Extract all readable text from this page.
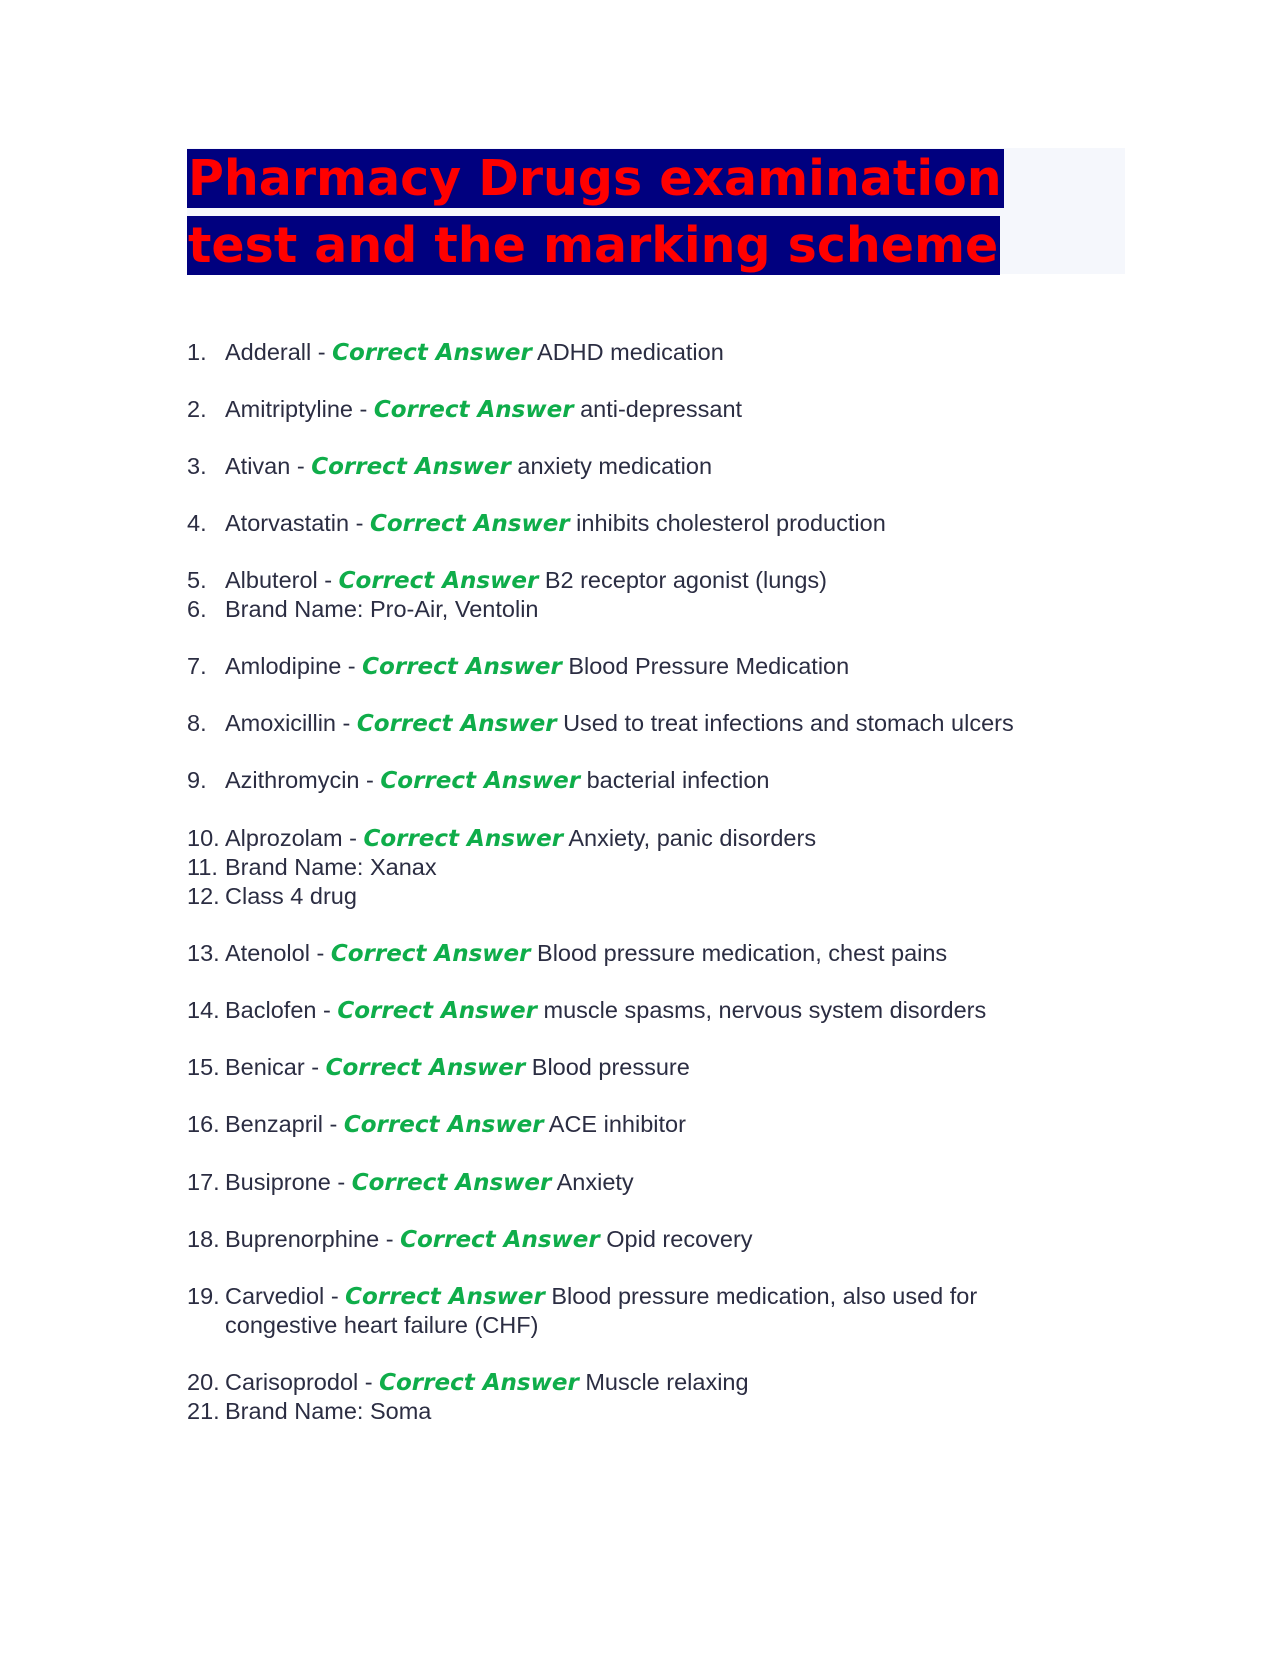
Pharmacy Drugs examination
test and the marking scheme
1. Adderall - Correct Answer ADHD medication
2. Amitriptyline - Correct Answer anti-depressant
3. Ativan - Correct Answer anxiety medication
4. Atorvastatin - Correct Answer inhibits cholesterol production
5. Albuterol - Correct Answer B2 receptor agonist (lungs)
6. Brand Name: Pro-Air, Ventolin
7. Amlodipine - Correct Answer Blood Pressure Medication
8. Amoxicillin - Correct Answer Used to treat infections and stomach ulcers
9. Azithromycin - Correct Answer bacterial infection
10. Alprozolam - Correct Answer Anxiety, panic disorders
11. Brand Name: Xanax
12. Class 4 drug
13. Atenolol - Correct Answer Blood pressure medication, chest pains
14. Baclofen - Correct Answer muscle spasms, nervous system disorders
15. Benicar - Correct Answer Blood pressure
16. Benzapril - Correct Answer ACE inhibitor
17. Busiprone - Correct Answer Anxiety
18. Buprenorphine - Correct Answer Opid recovery
19. Carvediol - Correct Answer Blood pressure medication, also used for
congestive heart failure (CHF)
20. Carisoprodol - Correct Answer Muscle relaxing
21. Brand Name: Soma
